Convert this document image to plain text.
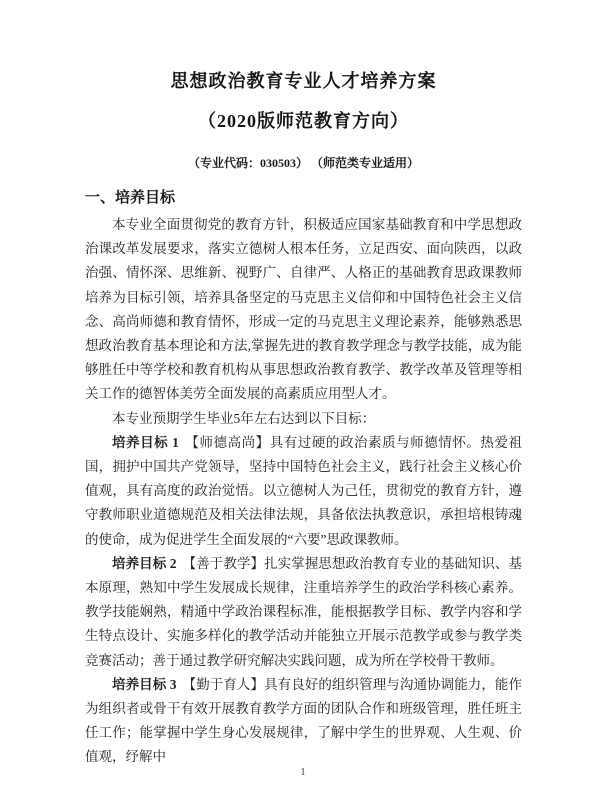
思想政治教育专业人才培养方案
（2020版师范教育方向）
（专业代码：030503） （师范类专业适用）
一、培养目标

本专业全面贯彻党的教育方针，积极适应国家基础教育和中学思想政治课改革发展要求，落实立德树人根本任务，立足西安、面向陕西，以政治强、情怀深、思维新、视野广、自律严、人格正的基础教育思政课教师培养为目标引领，培养具备坚定的马克思主义信仰和中国特色社会主义信念、高尚师德和教育情怀，形成一定的马克思主义理论素养，能够熟悉思想政治教育基本理论和方法,掌握先进的教育教学理念与教学技能，成为能够胜任中等学校和教育机构从事思想政治教育教学、教学改革及管理等相关工作的德智体美劳全面发展的高素质应用型人才。

本专业预期学生毕业5年左右达到以下目标：

培养目标 1 【师德高尚】具有过硬的政治素质与师德情怀。热爱祖国，拥护中国共产党领导，坚持中国特色社会主义，践行社会主义核心价值观，具有高度的政治觉悟。以立德树人为己任，贯彻党的教育方针，遵守教师职业道德规范及相关法律法规，具备依法执教意识，承担培根铸魂的使命，成为促进学生全面发展的“六要”思政课教师。

培养目标 2 【善于教学】扎实掌握思想政治教育专业的基础知识、基本原理，熟知中学生发展成长规律，注重培养学生的政治学科核心素养。教学技能娴熟，精通中学政治课程标准，能根据教学目标、教学内容和学生特点设计、实施多样化的教学活动并能独立开展示范教学或参与教学类竞赛活动；善于通过教学研究解决实践问题，成为所在学校骨干教师。

培养目标 3 【勤于育人】具有良好的组织管理与沟通协调能力，能作为组织者或骨干有效开展教育教学方面的团队合作和班级管理，胜任班主任工作；能掌握中学生身心发展规律，了解中学生的世界观、人生观、价值观，纾解中

1
